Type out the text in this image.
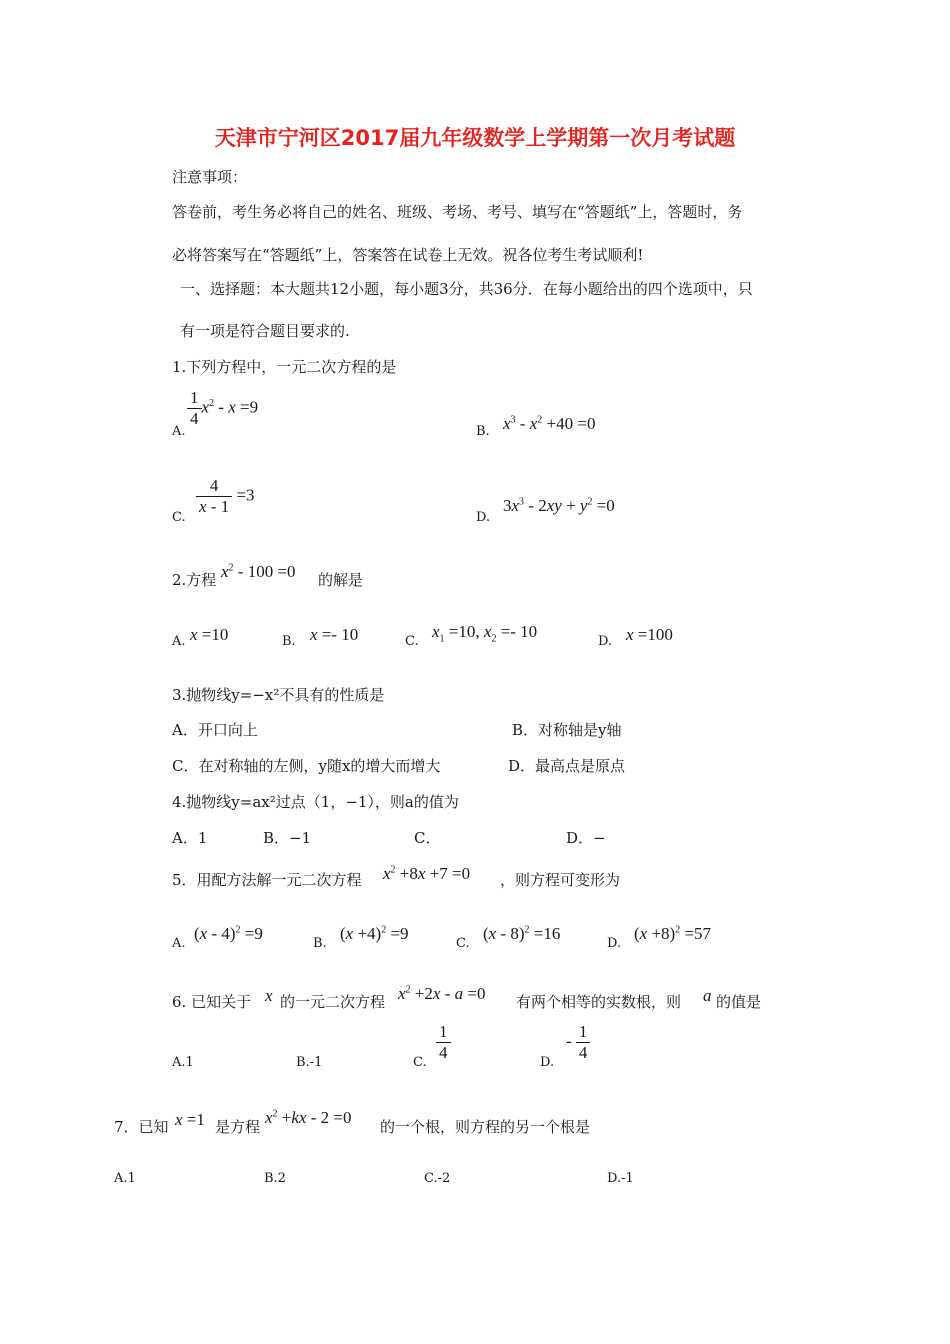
天津市宁河区2017届九年级数学上学期第一次月考试题
注意事项：
答卷前，考生务必将自己的姓名、班级、考场、考号、填写在“答题纸”上，答题时，务
必将答案写在“答题纸”上，答案答在试卷上无效。祝各位考生考试顺利!
一、选择题：本大题共12小题，每小题3分，共36分．在每小题给出的四个选项中，只
有一项是符合题目要求的.
1.下列方程中，一元二次方程的是
A.
$\frac{1}{4} x^2 - x =9$
B. $x^3 - x^2 +40 =0$
C.
$\frac{4}{x - 1} =3$
D.
$3x^3 - 2xy + y^2 =0$
2.方程 $x^2 - 100 =0$ 的解是
A. x =10	B. x =- 10	C.
$x_1 =10$, $x_2 =- 10$
D. x =100
3.抛物线y=−x²不具有的性质是
A．开口向上	B．对称轴是y轴
C．在对称轴的左侧，y随x的增大而增大	D．最高点是原点
4.抛物线y=ax²过点（1，−1），则a的值为
A．1	B．−1	C．	D．−
5．用配方法解一元二次方程 $x^2 +8x +7 =0$ ，则方程可变形为
A.
(x - 4)$^2$ =9
B.
$(x +4)^2 =9$
C.
(x - 8)$^2$ =16
D.
$(x +8)^2 =57$
6. 已知关于 x 的一元二次方程 $x^2 +2x - a =0$ 有两个相等的实数根，则 a 的值是
A.1	B.-1	C. $\frac{1}{4}$	D.
- $\frac{1}{4}$
7．已知 x =1 是方程 $x^2 +kx - 2 =0$ 的一个根，则方程的另一个根是
A.1	B.2	C.-2	D.-1
